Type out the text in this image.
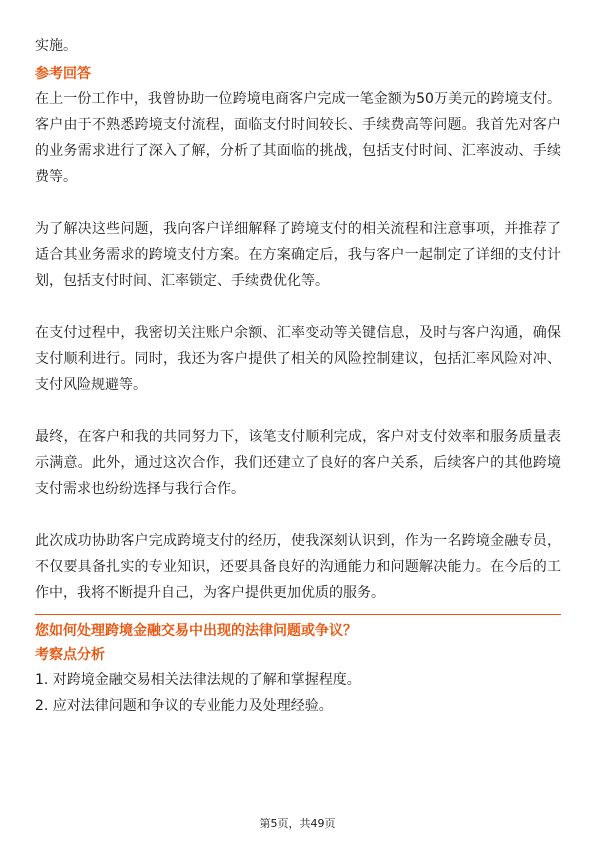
实施。

参考回答

在上一份工作中，我曾协助一位跨境电商客户完成一笔金额为50万美元的跨境支付。客户由于不熟悉跨境支付流程，面临支付时间较长、手续费高等问题。我首先对客户的业务需求进行了深入了解，分析了其面临的挑战，包括支付时间、汇率波动、手续费等。

为了解决这些问题，我向客户详细解释了跨境支付的相关流程和注意事项，并推荐了适合其业务需求的跨境支付方案。在方案确定后，我与客户一起制定了详细的支付计划，包括支付时间、汇率锁定、手续费优化等。

在支付过程中，我密切关注账户余额、汇率变动等关键信息，及时与客户沟通，确保支付顺利进行。同时，我还为客户提供了相关的风险控制建议，包括汇率风险对冲、支付风险规避等。

最终，在客户和我的共同努力下，该笔支付顺利完成，客户对支付效率和服务质量表示满意。此外，通过这次合作，我们还建立了良好的客户关系，后续客户的其他跨境支付需求也纷纷选择与我行合作。

此次成功协助客户完成跨境支付的经历，使我深刻认识到，作为一名跨境金融专员，不仅要具备扎实的专业知识，还要具备良好的沟通能力和问题解决能力。在今后的工作中，我将不断提升自己，为客户提供更加优质的服务。

您如何处理跨境金融交易中出现的法律问题或争议？

考察点分析

1. 对跨境金融交易相关法律法规的了解和掌握程度。

2. 应对法律问题和争议的专业能力及处理经验。

第5页，共49页
